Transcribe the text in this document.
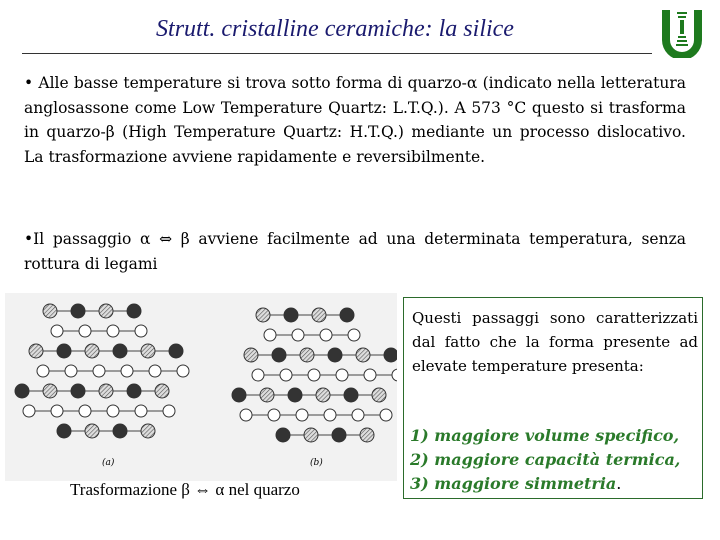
Strutt. cristalline ceramiche: la silice
• Alle basse temperature si trova sotto forma di quarzo-α (indicato nella letteratura anglosassone come Low Temperature Quartz: L.T.Q.). A 573 °C questo si trasforma in quarzo-β (High Temperature Quartz: H.T.Q.) mediante un processo dislocativo. La trasformazione avviene rapidamente e reversibilmente.
•Il passaggio α ⇔ β avviene facilmente ad una determinata temperatura, senza rottura di legami
(a)	(b)
Trasformazione β ⇔ α nel quarzo
Questi passaggi sono caratterizzati dal fatto che la forma presente ad elevate temperature presenta:
1) maggiore volume specifico,
2) maggiore capacità termica,
3) maggiore simmetria.
